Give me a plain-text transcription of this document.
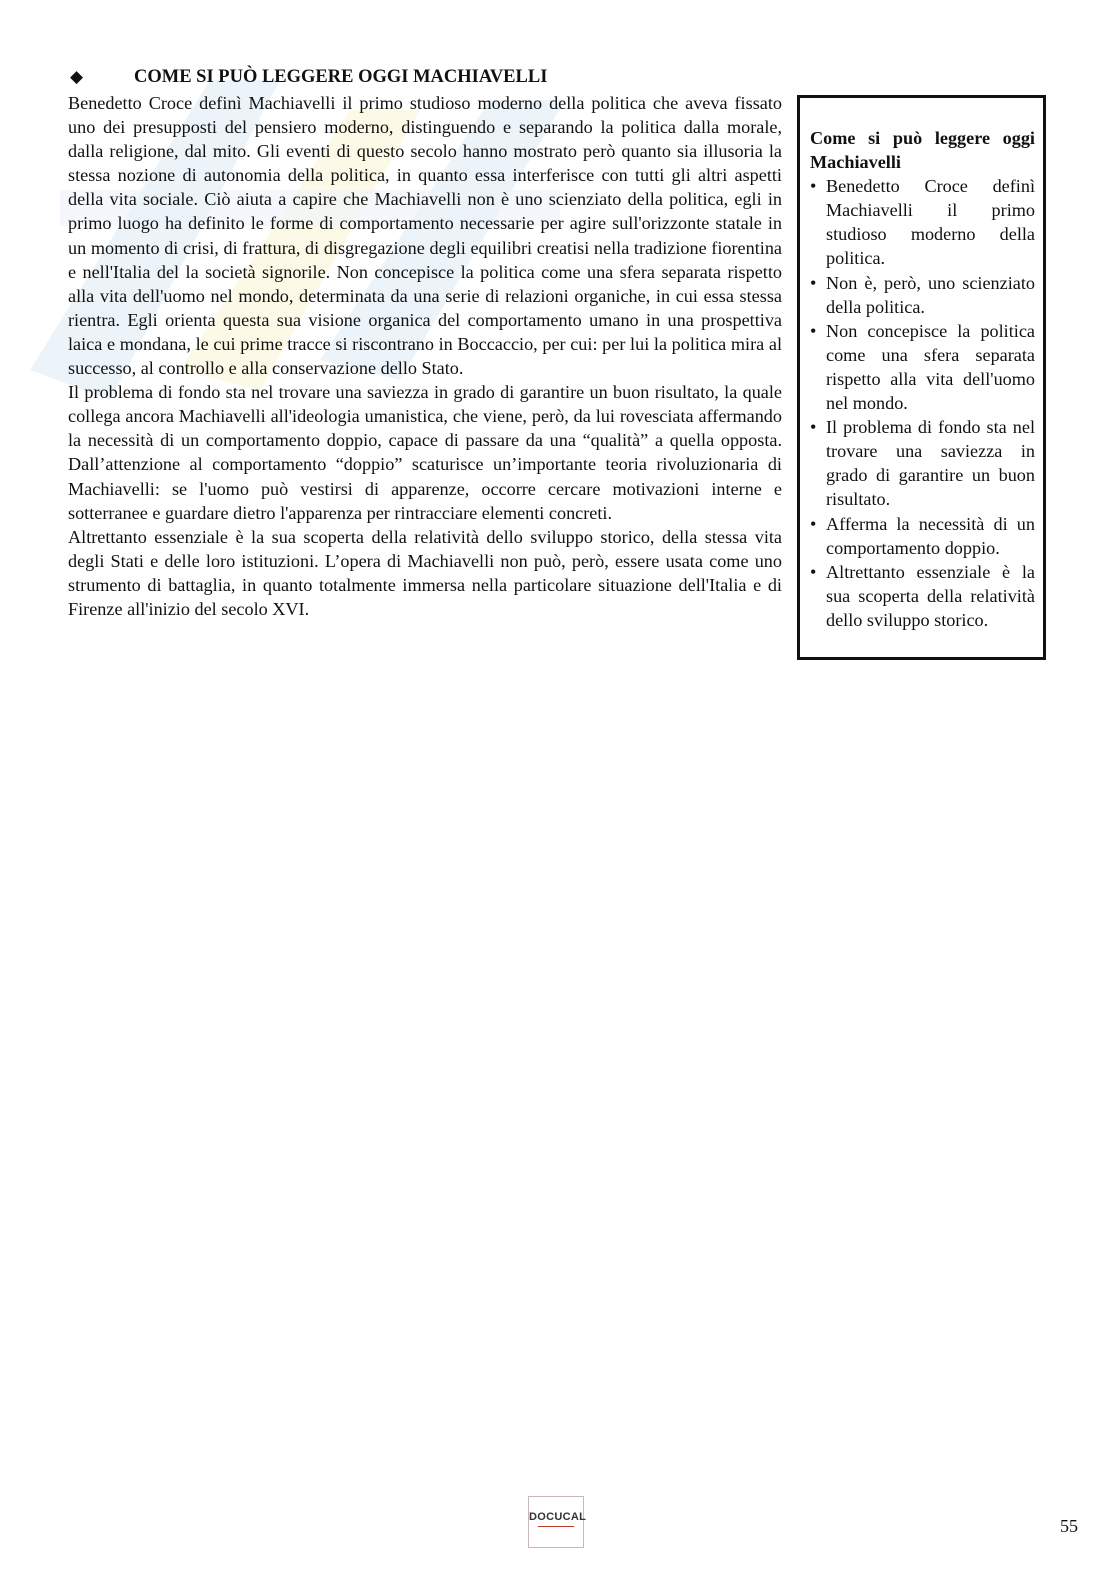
◆	COME SI PUÒ LEGGERE OGGI MACHIAVELLI

Benedetto Croce definì Machiavelli il primo studioso moderno della politica che aveva fissato uno dei presupposti del pensiero moderno, distinguendo e separando la politica dalla morale, dalla religione, dal mito. Gli eventi di questo secolo hanno mostrato però quanto sia illusoria la stessa nozione di autonomia della politica, in quanto essa interferisce con tutti gli altri aspetti della vita sociale. Ciò aiuta a capire che Machiavelli non è uno scienziato della politica, egli in primo luogo ha definito le forme di comportamento necessarie per agire sull'orizzonte statale in un momento di crisi, di frattura, di disgregazione degli equilibri creatisi nella tradizione fiorentina e nell'Italia del la società signorile. Non concepisce la politica come una sfera separata rispetto alla vita dell'uomo nel mondo, determinata da una serie di relazioni organiche, in cui essa stessa rientra. Egli orienta questa sua visione organica del comportamento umano in una prospettiva laica e mondana, le cui prime tracce si riscontrano in Boccaccio, per cui: per lui la politica mira al successo, al controllo e alla conservazione dello Stato.

Il problema di fondo sta nel trovare una saviezza in grado di garantire un buon risultato, la quale collega ancora Machiavelli all'ideologia umanistica, che viene, però, da lui rovesciata affermando la necessità di un comportamento doppio, capace di passare da una “qualità” a quella opposta. Dall’attenzione al comportamento “doppio” scaturisce un’importante teoria rivoluzionaria di Machiavelli: se l'uomo può vestirsi di apparenze, occorre cercare motivazioni interne e sotterranee e guardare dietro l'apparenza per rintracciare elementi concreti.

Altrettanto essenziale è la sua scoperta della relatività dello sviluppo storico, della stessa vita degli Stati e delle loro istituzioni. L’opera di Machiavelli non può, però, essere usata come uno strumento di battaglia, in quanto totalmente immersa nella particolare situazione dell'Italia e di Firenze all'inizio del secolo XVI.

Come si può leggere oggi Machiavelli

• Benedetto Croce definì Machiavelli il primo studioso moderno della politica.
• Non è, però, uno scienziato della politica.
• Non concepisce la politica come una sfera separata rispetto alla vita dell'uomo nel mondo.
• Il problema di fondo sta nel trovare una saviezza in grado di garantire un buon risultato.
• Afferma la necessità di un comportamento doppio.
• Altrettanto essenziale è la sua scoperta della relatività dello sviluppo storico.
DOCUCAL	55
